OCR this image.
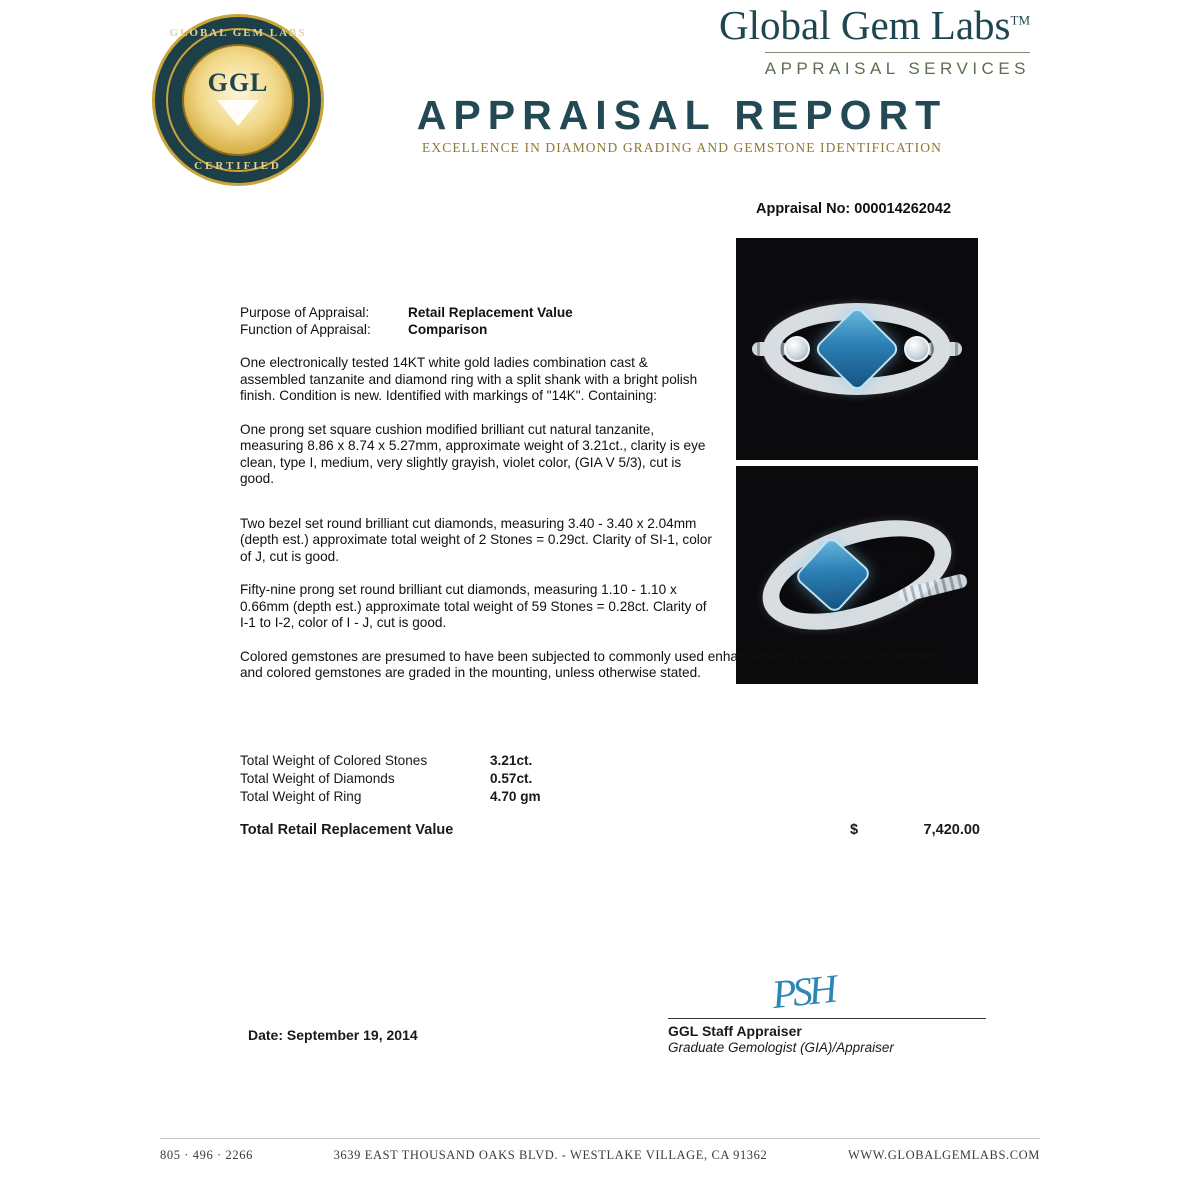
GLOBAL GEM LABS
CERTIFIED
GGL
Global Gem Labs™
APPRAISAL SERVICES
APPRAISAL REPORT
EXCELLENCE IN DIAMOND GRADING AND GEMSTONE IDENTIFICATION
Appraisal No: 000014262042
Purpose of Appraisal:	Retail Replacement Value
Function of Appraisal:	Comparison
One electronically tested 14KT white gold ladies combination cast & assembled tanzanite and diamond ring with a split shank with a bright polish finish. Condition is new. Identified with markings of "14K". Containing:
One prong set square cushion modified brilliant cut natural tanzanite, measuring 8.86 x 8.74 x 5.27mm, approximate weight of 3.21ct., clarity is eye clean, type I, medium, very slightly grayish, violet color, (GIA V 5/3), cut is good.
Two bezel set round brilliant cut diamonds, measuring 3.40 - 3.40 x 2.04mm (depth est.) approximate total weight of 2 Stones = 0.29ct. Clarity of SI-1, color of J, cut is good.
Fifty-nine prong set round brilliant cut diamonds, measuring 1.10 - 1.10 x 0.66mm (depth est.) approximate total weight of 59 Stones = 0.28ct. Clarity of I-1 to I-2, color of I - J, cut is good.
Colored gemstones are presumed to have been subjected to commonly used enhancement processes. All diamonds and colored gemstones are graded in the mounting, unless otherwise stated.
Total Weight of Colored Stones	3.21ct.
Total Weight of Diamonds	0.57ct.
Total Weight of Ring	4.70 gm
Total Retail Replacement Value	$	7,420.00
PSH
GGL Staff Appraiser
Graduate Gemologist (GIA)/Appraiser
Date: September 19, 2014
805 · 496 · 2266	3639 EAST THOUSAND OAKS BLVD. - WESTLAKE VILLAGE, CA 91362	WWW.GLOBALGEMLABS.COM
